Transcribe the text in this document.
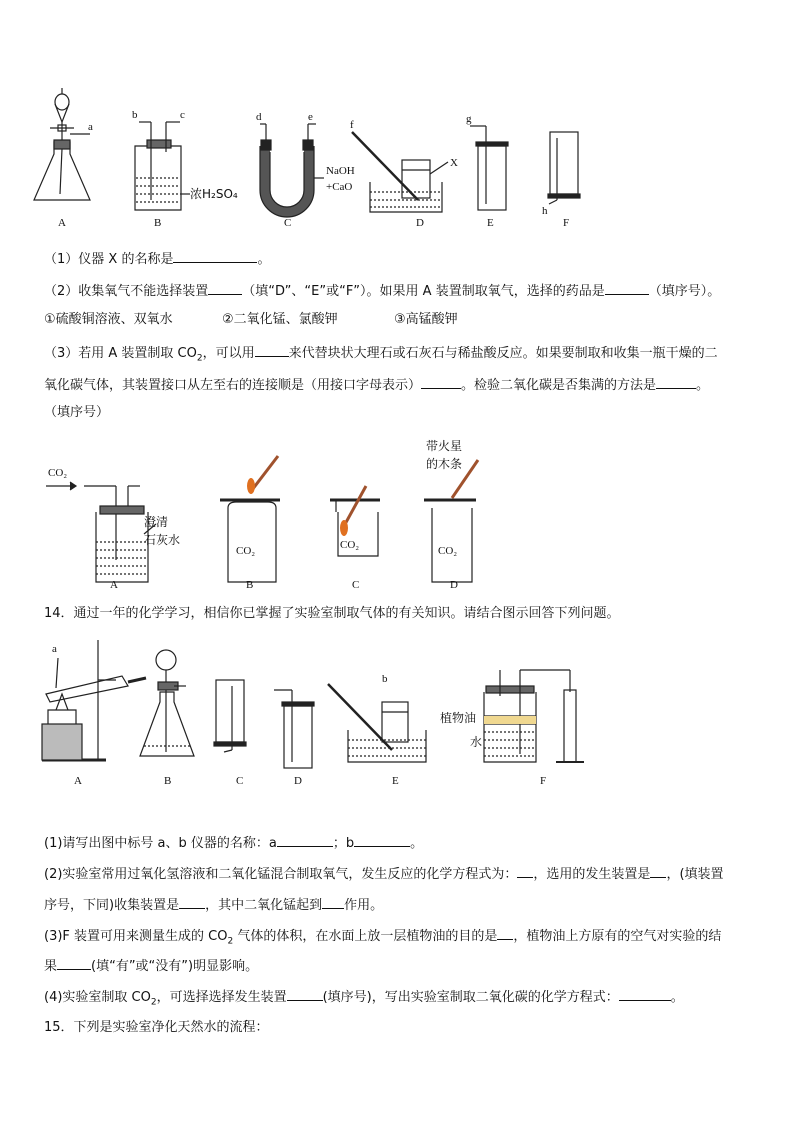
a
b	c	d	e
f	g
h
X
浓H₂SO₄
NaOH
+CaO
A	B	C	D	E	F
（1）仪器 X 的名称是	。
（2）收集氧气不能选择装置	（填“D”、“E”或“F”）。如果用 A 装置制取氧气，选择的药品是	（填序号）。
①硫酸铜溶液、双氧水	②二氧化锰、氯酸钾	③高锰酸钾
（3）若用 A 装置制取 $CO_2$，可以用	来代替块状大理石或石灰石与稀盐酸反应。如果要制取和收集一瓶干燥的二
氧化碳气体，其装置接口从左至右的连接顺是（用接口字母表示）	。检验二氧化碳是否集满的方法是	。
（填序号）
CO₂
澄清
石灰水
CO₂	CO₂	CO₂
带火星
的木条
A	B	C	D
14．通过一年的化学学习，相信你已掌握了实验室制取气体的有关知识。请结合图示回答下列问题。
a
b
植物油
水
A	B	C	D	E	F
(1)请写出图中标号 a、b 仪器的名称：a	；b	。
(2)实验室常用过氧化氢溶液和二氧化锰混合制取氧气，发生反应的化学方程式为： ，选用的发生装置是 ，(填装置
序号，下同)收集装置是 ，其中二氧化锰起到 作用。
(3)F 装置可用来测量生成的 $CO_2$ 气体的体积，在水面上放一层植物油的目的是 ，植物油上方原有的空气对实验的结
果	(填“有”或“没有”)明显影响。
(4)实验室制取 $CO_2$，可选择选择发生装置	(填序号)，写出实验室制取二氧化碳的化学方程式：	。
15．下列是实验室净化天然水的流程：
